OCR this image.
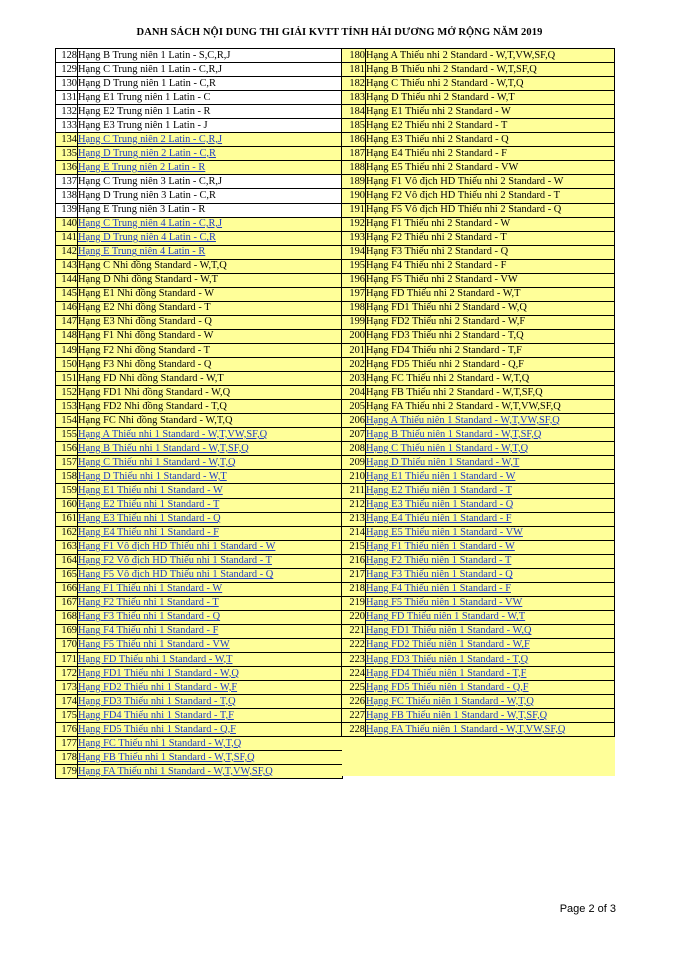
DANH SÁCH NỘI DUNG THI GIẢI KVTT TỈNH HẢI DƯƠNG MỞ RỘNG NĂM 2019
128	Hạng B Trung niên 1 Latin - S,C,R,J
129	Hạng C Trung niên 1 Latin - C,R,J
130	Hạng D Trung niên 1 Latin - C,R
131	Hạng E1 Trung niên 1 Latin - C
132	Hạng E2 Trung niên 1 Latin - R
133	Hạng E3 Trung niên 1 Latin - J
134	Hạng C Trung niên 2 Latin - C,R,J
135	Hạng D Trung niên 2 Latin - C,R
136	Hạng E Trung niên 2 Latin - R
137	Hạng C Trung niên 3 Latin - C,R,J
138	Hạng D Trung niên 3 Latin - C,R
139	Hạng E Trung niên 3 Latin - R
140	Hạng C Trung niên 4 Latin - C,R,J
141	Hạng D Trung niên 4 Latin - C,R
142	Hạng E Trung niên 4 Latin - R
143	Hạng C Nhi đồng Standard - W,T,Q
144	Hạng D Nhi đồng Standard - W,T
145	Hạng E1 Nhi đồng Standard - W
146	Hạng E2 Nhi đồng Standard - T
147	Hạng E3 Nhi đồng Standard - Q
148	Hạng F1 Nhi đồng Standard - W
149	Hạng F2 Nhi đồng Standard - T
150	Hạng F3 Nhi đồng Standard - Q
151	Hạng FD Nhi đồng Standard - W,T
152	Hạng FD1 Nhi đồng Standard - W,Q
153	Hạng FD2 Nhi đồng Standard - T,Q
154	Hạng FC Nhi đồng Standard - W,T,Q
155	Hạng A Thiếu nhi 1 Standard - W,T,VW,SF,Q
156	Hạng B Thiếu nhi 1 Standard - W,T,SF,Q
157	Hạng C Thiếu nhi 1 Standard - W,T,Q
158	Hạng D Thiếu nhi 1 Standard - W,T
159	Hạng E1 Thiếu nhi 1 Standard - W
160	Hạng E2 Thiếu nhi 1 Standard - T
161	Hạng E3 Thiếu nhi 1 Standard - Q
162	Hạng E4 Thiếu nhi 1 Standard - F
163	Hạng F1 Vô địch HD Thiếu nhi 1 Standard - W
164	Hạng F2 Vô địch HD Thiếu nhi 1 Standard - T
165	Hạng F5 Vô địch HD Thiếu nhi 1 Standard - Q
166	Hạng F1 Thiếu nhi 1 Standard - W
167	Hạng F2 Thiếu nhi 1 Standard - T
168	Hạng F3 Thiếu nhi 1 Standard - Q
169	Hạng F4 Thiếu nhi 1 Standard - F
170	Hạng F5 Thiếu nhi 1 Standard - VW
171	Hạng FD Thiếu nhi 1 Standard - W,T
172	Hạng FD1 Thiếu nhi 1 Standard - W,Q
173	Hạng FD2 Thiếu nhi 1 Standard - W,F
174	Hạng FD3 Thiếu nhi 1 Standard - T,Q
175	Hạng FD4 Thiếu nhi 1 Standard - T,F
176	Hạng FD5 Thiếu nhi 1 Standard - Q,F
177	Hạng FC Thiếu nhi 1 Standard - W,T,Q
178	Hạng FB Thiếu nhi 1 Standard - W,T,SF,Q
179	Hạng FA Thiếu nhi 1 Standard - W,T,VW,SF,Q
180	Hạng A Thiếu nhi 2 Standard - W,T,VW,SF,Q
181	Hạng B Thiếu nhi 2 Standard - W,T,SF,Q
182	Hạng C Thiếu nhi 2 Standard - W,T,Q
183	Hạng D Thiếu nhi 2 Standard - W,T
184	Hạng E1 Thiếu nhi 2 Standard - W
185	Hạng E2 Thiếu nhi 2 Standard - T
186	Hạng E3 Thiếu nhi 2 Standard - Q
187	Hạng E4 Thiếu nhi 2 Standard - F
188	Hạng E5 Thiếu nhi 2 Standard - VW
189	Hạng F1 Vô địch HD Thiếu nhi 2 Standard - W
190	Hạng F2 Vô địch HD Thiếu nhi 2 Standard - T
191	Hạng F5 Vô địch HD Thiếu nhi 2 Standard - Q
192	Hạng F1 Thiếu nhi 2 Standard - W
193	Hạng F2 Thiếu nhi 2 Standard - T
194	Hạng F3 Thiếu nhi 2 Standard - Q
195	Hạng F4 Thiếu nhi 2 Standard - F
196	Hạng F5 Thiếu nhi 2 Standard - VW
197	Hạng FD Thiếu nhi 2 Standard - W,T
198	Hạng FD1 Thiếu nhi 2 Standard - W,Q
199	Hạng FD2 Thiếu nhi 2 Standard - W,F
200	Hạng FD3 Thiếu nhi 2 Standard - T,Q
201	Hạng FD4 Thiếu nhi 2 Standard - T,F
202	Hạng FD5 Thiếu nhi 2 Standard - Q,F
203	Hạng FC Thiếu nhi 2 Standard - W,T,Q
204	Hạng FB Thiếu nhi 2 Standard - W,T,SF,Q
205	Hạng FA Thiếu nhi 2 Standard - W,T,VW,SF,Q
206	Hạng A Thiếu niên 1 Standard - W,T,VW,SF,Q
207	Hạng B Thiếu niên 1 Standard - W,T,SF,Q
208	Hạng C Thiếu niên 1 Standard - W,T,Q
209	Hạng D Thiếu niên 1 Standard - W,T
210	Hạng E1 Thiếu niên 1 Standard - W
211	Hạng E2 Thiếu niên 1 Standard - T
212	Hạng E3 Thiếu niên 1 Standard - Q
213	Hạng E4 Thiếu niên 1 Standard - F
214	Hạng E5 Thiếu niên 1 Standard - VW
215	Hạng F1 Thiếu niên 1 Standard - W
216	Hạng F2 Thiếu niên 1 Standard - T
217	Hạng F3 Thiếu niên 1 Standard - Q
218	Hạng F4 Thiếu niên 1 Standard - F
219	Hạng F5 Thiếu niên 1 Standard - VW
220	Hạng FD Thiếu niên 1 Standard - W,T
221	Hạng FD1 Thiếu niên 1 Standard - W,Q
222	Hạng FD2 Thiếu niên 1 Standard - W,F
223	Hạng FD3 Thiếu niên 1 Standard - T,Q
224	Hạng FD4 Thiếu niên 1 Standard - T,F
225	Hạng FD5 Thiếu niên 1 Standard - Q,F
226	Hạng FC Thiếu niên 1 Standard - W,T,Q
227	Hạng FB Thiếu niên 1 Standard - W,T,SF,Q
228	Hạng FA Thiếu niên 1 Standard - W,T,VW,SF,Q

Page 2 of 3
